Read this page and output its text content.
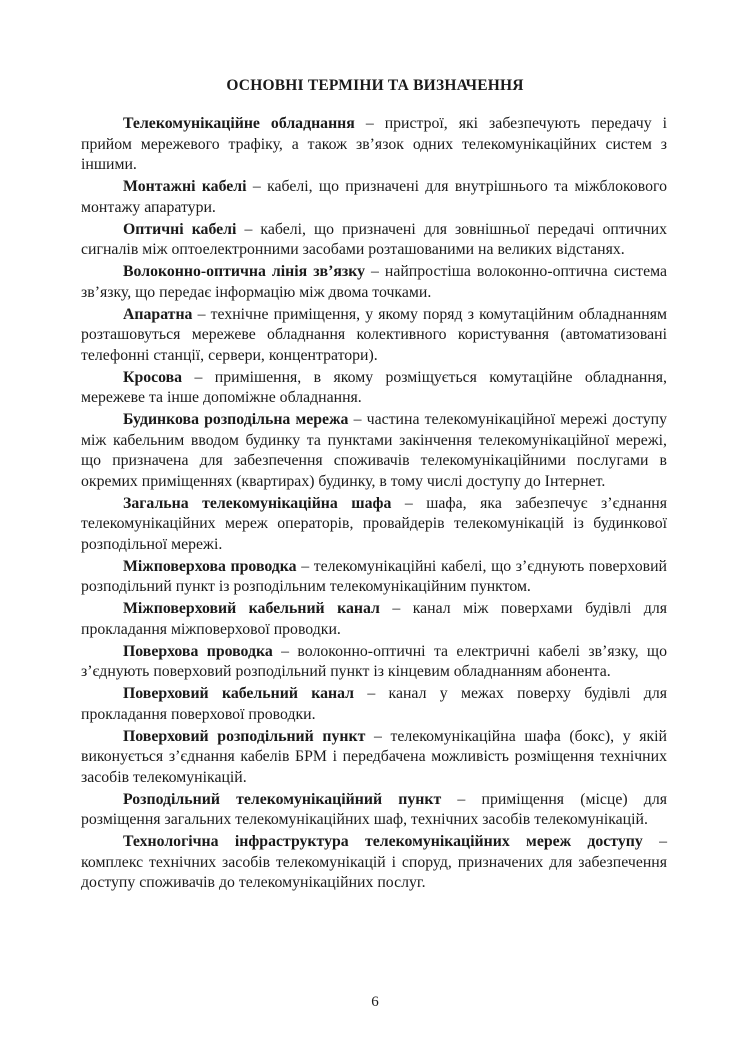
ОСНОВНІ ТЕРМІНИ ТА ВИЗНАЧЕННЯ

Телекомунікаційне обладнання – пристрої, які забезпечують передачу і прийом мережевого трафіку, а також зв’язок одних телекомунікаційних систем з іншими.

Монтажні кабелі – кабелі, що призначені для внутрішнього та міжблокового монтажу апаратури.

Оптичні кабелі – кабелі, що призначені для зовнішньої передачі оптичних сигналів між оптоелектронними засобами розташованими на великих відстанях.

Волоконно-оптична лінія зв’язку – найпростіша волоконно-оптична система зв’язку, що передає інформацію між двома точками.

Апаратна – технічне приміщення, у якому поряд з комутаційним обладнанням розташовуться мережеве обладнання колективного користування (автоматизовані телефонні станції, сервери, концентратори).

Кросова – примішення, в якому розміщується комутаційне обладнання, мережеве та інше допоміжне обладнання.

Будинкова розподільна мережа – частина телекомунікаційної мережі доступу між кабельним вводом будинку та пунктами закінчення телекомунікаційної мережі, що призначена для забезпечення споживачів телекомунікаційними послугами в окремих приміщеннях (квартирах) будинку, в тому числі доступу до Інтернет.

Загальна телекомунікаційна шафа – шафа, яка забезпечує з’єднання телекомунікаційних мереж операторів, провайдерів телекомунікацій із будинкової розподільної мережі.

Міжповерхова проводка – телекомунікаційні кабелі, що з’єднують поверховий розподільний пункт із розподільним телекомунікаційним пунктом.

Міжповерховий кабельний канал – канал між поверхами будівлі для прокладання міжповерхової проводки.

Поверхова проводка – волоконно-оптичні та електричні кабелі зв’язку, що з’єднують поверховий розподільний пункт із кінцевим обладнанням абонента.

Поверховий кабельний канал – канал у межах поверху будівлі для прокладання поверхової проводки.

Поверховий розподільний пункт – телекомунікаційна шафа (бокс), у якій виконується з’єднання кабелів БРМ і передбачена можливість розміщення технічних засобів телекомунікацій.

Розподільний телекомунікаційний пункт – приміщення (місце) для розміщення загальних телекомунікаційних шаф, технічних засобів телекомунікацій.

Технологічна інфраструктура телекомунікаційних мереж доступу – комплекс технічних засобів телекомунікацій і споруд, призначених для забезпечення доступу споживачів до телекомунікаційних послуг.

6
